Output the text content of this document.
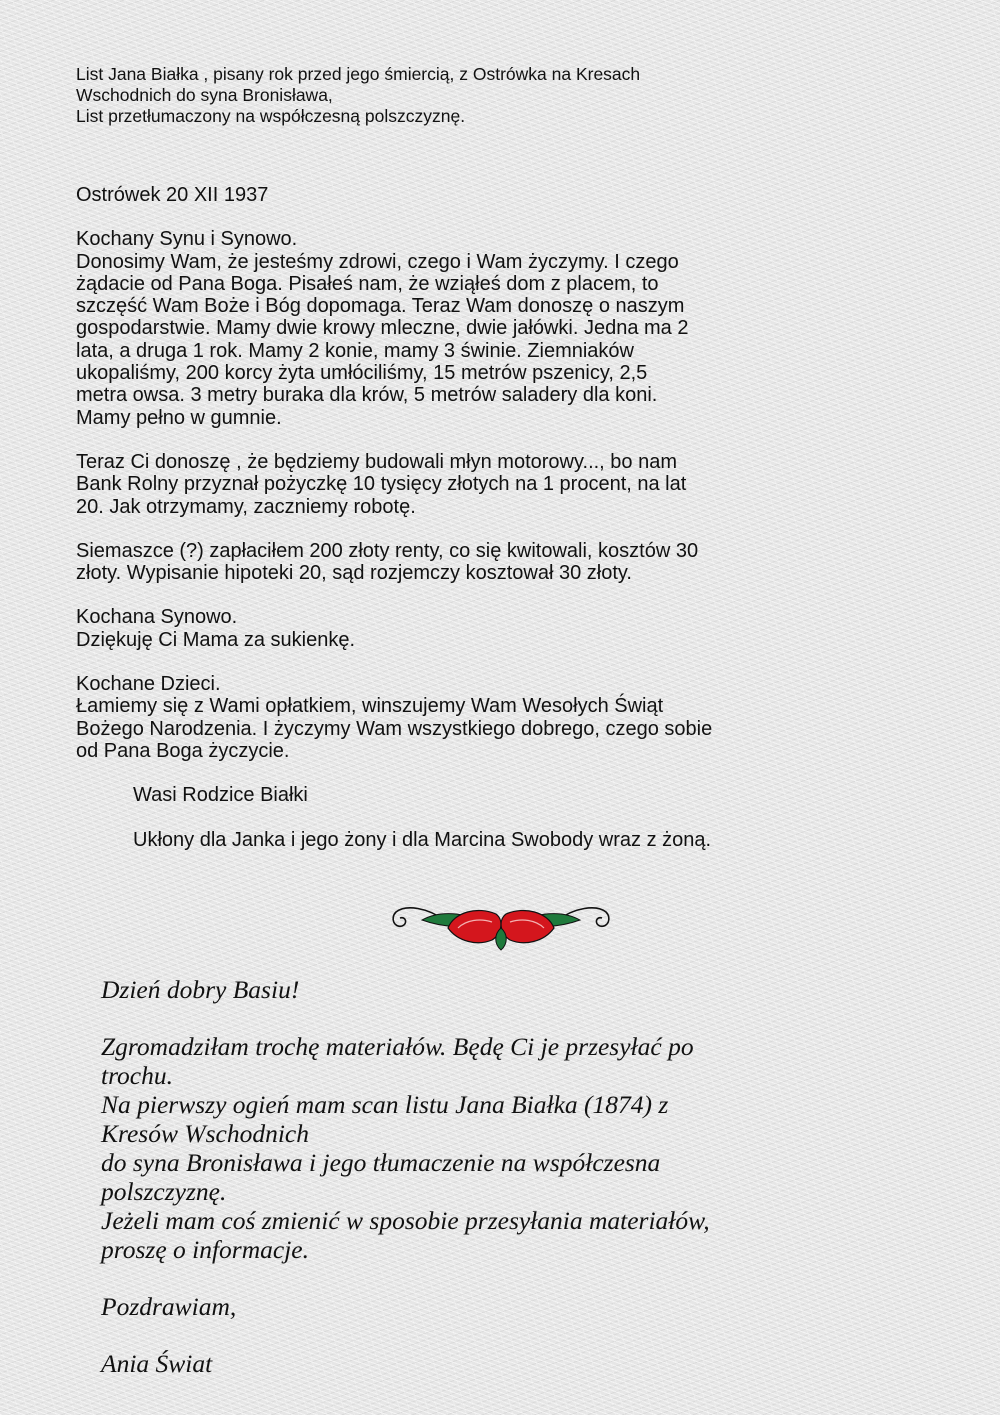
List Jana Białka , pisany rok przed jego śmiercią, z Ostrówka na Kresach
Wschodnich do syna Bronisława,
List przetłumaczony na współczesną polszczyznę.
Ostrówek 20 XII 1937
Kochany Synu i Synowo.
Donosimy Wam, że jesteśmy zdrowi, czego i Wam życzymy. I czego
żądacie od Pana Boga. Pisałeś nam, że wziąłeś dom z placem, to
szczęść Wam Boże i Bóg dopomaga. Teraz Wam donoszę o naszym
gospodarstwie. Mamy dwie krowy mleczne, dwie jałówki. Jedna ma 2
lata, a druga 1 rok. Mamy 2 konie, mamy 3 świnie. Ziemniaków
ukopaliśmy, 200 korcy żyta umłóciliśmy, 15 metrów pszenicy, 2,5
metra owsa. 3 metry buraka dla krów, 5 metrów saladery dla koni.
Mamy pełno w gumnie.
Teraz Ci donoszę , że będziemy budowali młyn motorowy..., bo nam
Bank Rolny przyznał pożyczkę 10 tysięcy złotych na 1 procent, na lat
20. Jak otrzymamy, zaczniemy robotę.
Siemaszce (?) zapłaciłem 200 złoty renty, co się kwitowali, kosztów 30
złoty. Wypisanie hipoteki 20, sąd rozjemczy kosztował 30 złoty.
Kochana Synowo.
Dziękuję Ci Mama za sukienkę.
Kochane Dzieci.
Łamiemy się z Wami opłatkiem, winszujemy Wam Wesołych Świąt
Bożego Narodzenia. I życzymy Wam wszystkiego dobrego, czego sobie
od Pana Boga życzycie.
Wasi Rodzice Białki
Ukłony dla Janka i jego żony i dla Marcina Swobody wraz z żoną.
Dzień dobry Basiu!
Zgromadziłam trochę materiałów. Będę Ci je przesyłać po
trochu.
Na pierwszy ogień mam scan listu Jana Białka (1874) z
Kresów Wschodnich
do syna Bronisława i jego tłumaczenie na współczesna
polszczyznę.
Jeżeli mam coś zmienić w sposobie przesyłania materiałów,
proszę o informacje.
Pozdrawiam,
Ania Świat
